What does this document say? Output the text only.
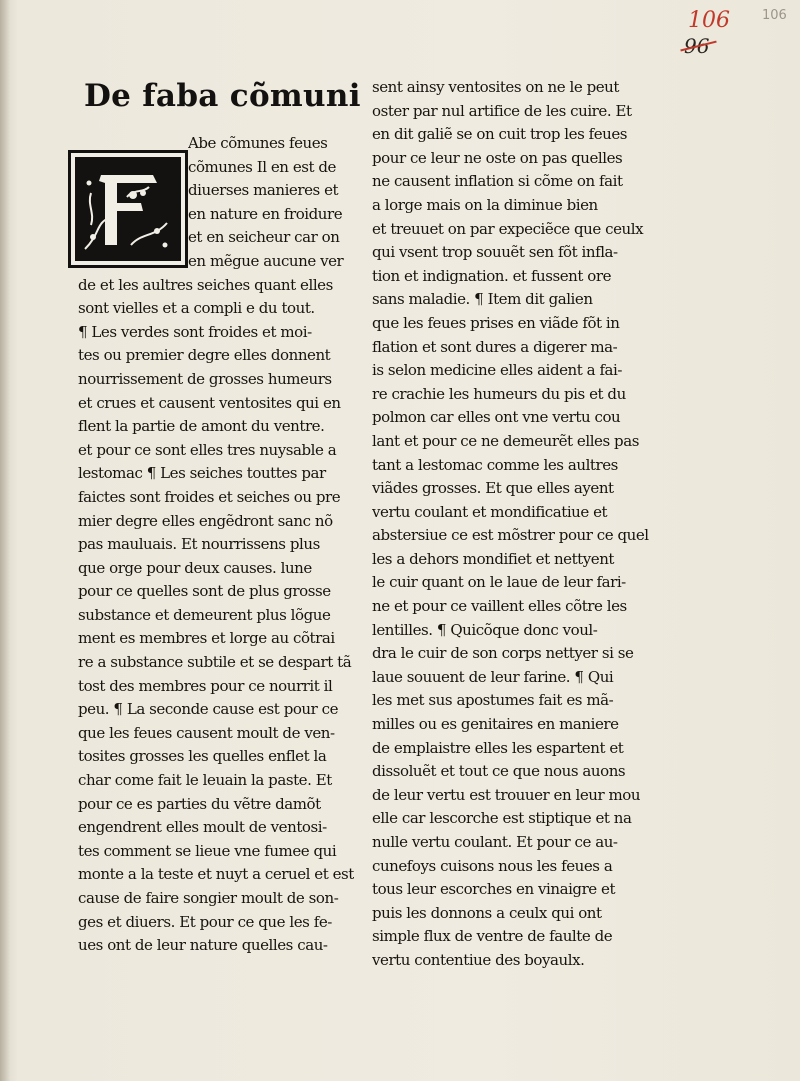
106
96
106
De faba cõmuni
Abe cõmunes feues
cõmunes Il en est de
diuerses manieres et
en nature en froidure
et en seicheur car on
en mẽgue aucune ver
de et les aultres seiches quant elles
sont vielles et a compli e du tout.
¶ Les verdes sont froides et moi-
tes ou premier degre elles donnent
nourrissement de grosses humeurs
et crues et causent ventosites qui en
flent la partie de amont du ventre.
et pour ce sont elles tres nuysable a
lestomac ¶ Les seiches touttes par
faictes sont froides et seiches ou pre
mier degre elles engẽdront sanc nõ
pas mauluais. Et nourrissens plus
que orge pour deux causes. lune
pour ce quelles sont de plus grosse
substance et demeurent plus lõgue
ment es membres et lorge au cõtrai
re a substance subtile et se despart tã
tost des membres pour ce nourrit il
peu. ¶ La seconde cause est pour ce
que les feues causent moult de ven-
tosites grosses les quelles enflet la
char come fait le leuain la paste. Et
pour ce es parties du vẽtre damõt
engendrent elles moult de ventosi-
tes comment se lieue vne fumee qui
monte a la teste et nuyt a ceruel et est
cause de faire songier moult de son-
ges et diuers. Et pour ce que les fe-
ues ont de leur nature quelles cau-
sent ainsy ventosites on ne le peut
oster par nul artifice de les cuire. Et
en dit galiẽ se on cuit trop les feues
pour ce leur ne oste on pas quelles
ne causent inflation si cõme on fait
a lorge mais on la diminue bien
et treuuet on par expeciẽce que ceulx
qui vsent trop souuẽt sen fõt infla-
tion et indignation. et fussent ore
sans maladie. ¶ Item dit galien
que les feues prises en viãde fõt in
flation et sont dures a digerer ma-
is selon medicine elles aident a fai-
re crachie les humeurs du pis et du
polmon car elles ont vne vertu cou
lant et pour ce ne demeurẽt elles pas
tant a lestomac comme les aultres
viãdes grosses. Et que elles ayent
vertu coulant et mondificatiue et
abstersiue ce est mõstrer pour ce quel
les a dehors mondifiet et nettyent
le cuir quant on le laue de leur fari-
ne et pour ce vaillent elles cõtre les
lentilles. ¶ Quicõque donc voul-
dra le cuir de son corps nettyer si se
laue souuent de leur farine. ¶ Qui
les met sus apostumes fait es mã-
milles ou es genitaires en maniere
de emplaistre elles les espartent et
dissoluẽt et tout ce que nous auons
de leur vertu est trouuer en leur mou
elle car lescorche est stiptique et na
nulle vertu coulant. Et pour ce au-
cunefoys cuisons nous les feues a
tous leur escorches en vinaigre et
puis les donnons a ceulx qui ont
simple flux de ventre de faulte de
vertu contentiue des boyaulx.
